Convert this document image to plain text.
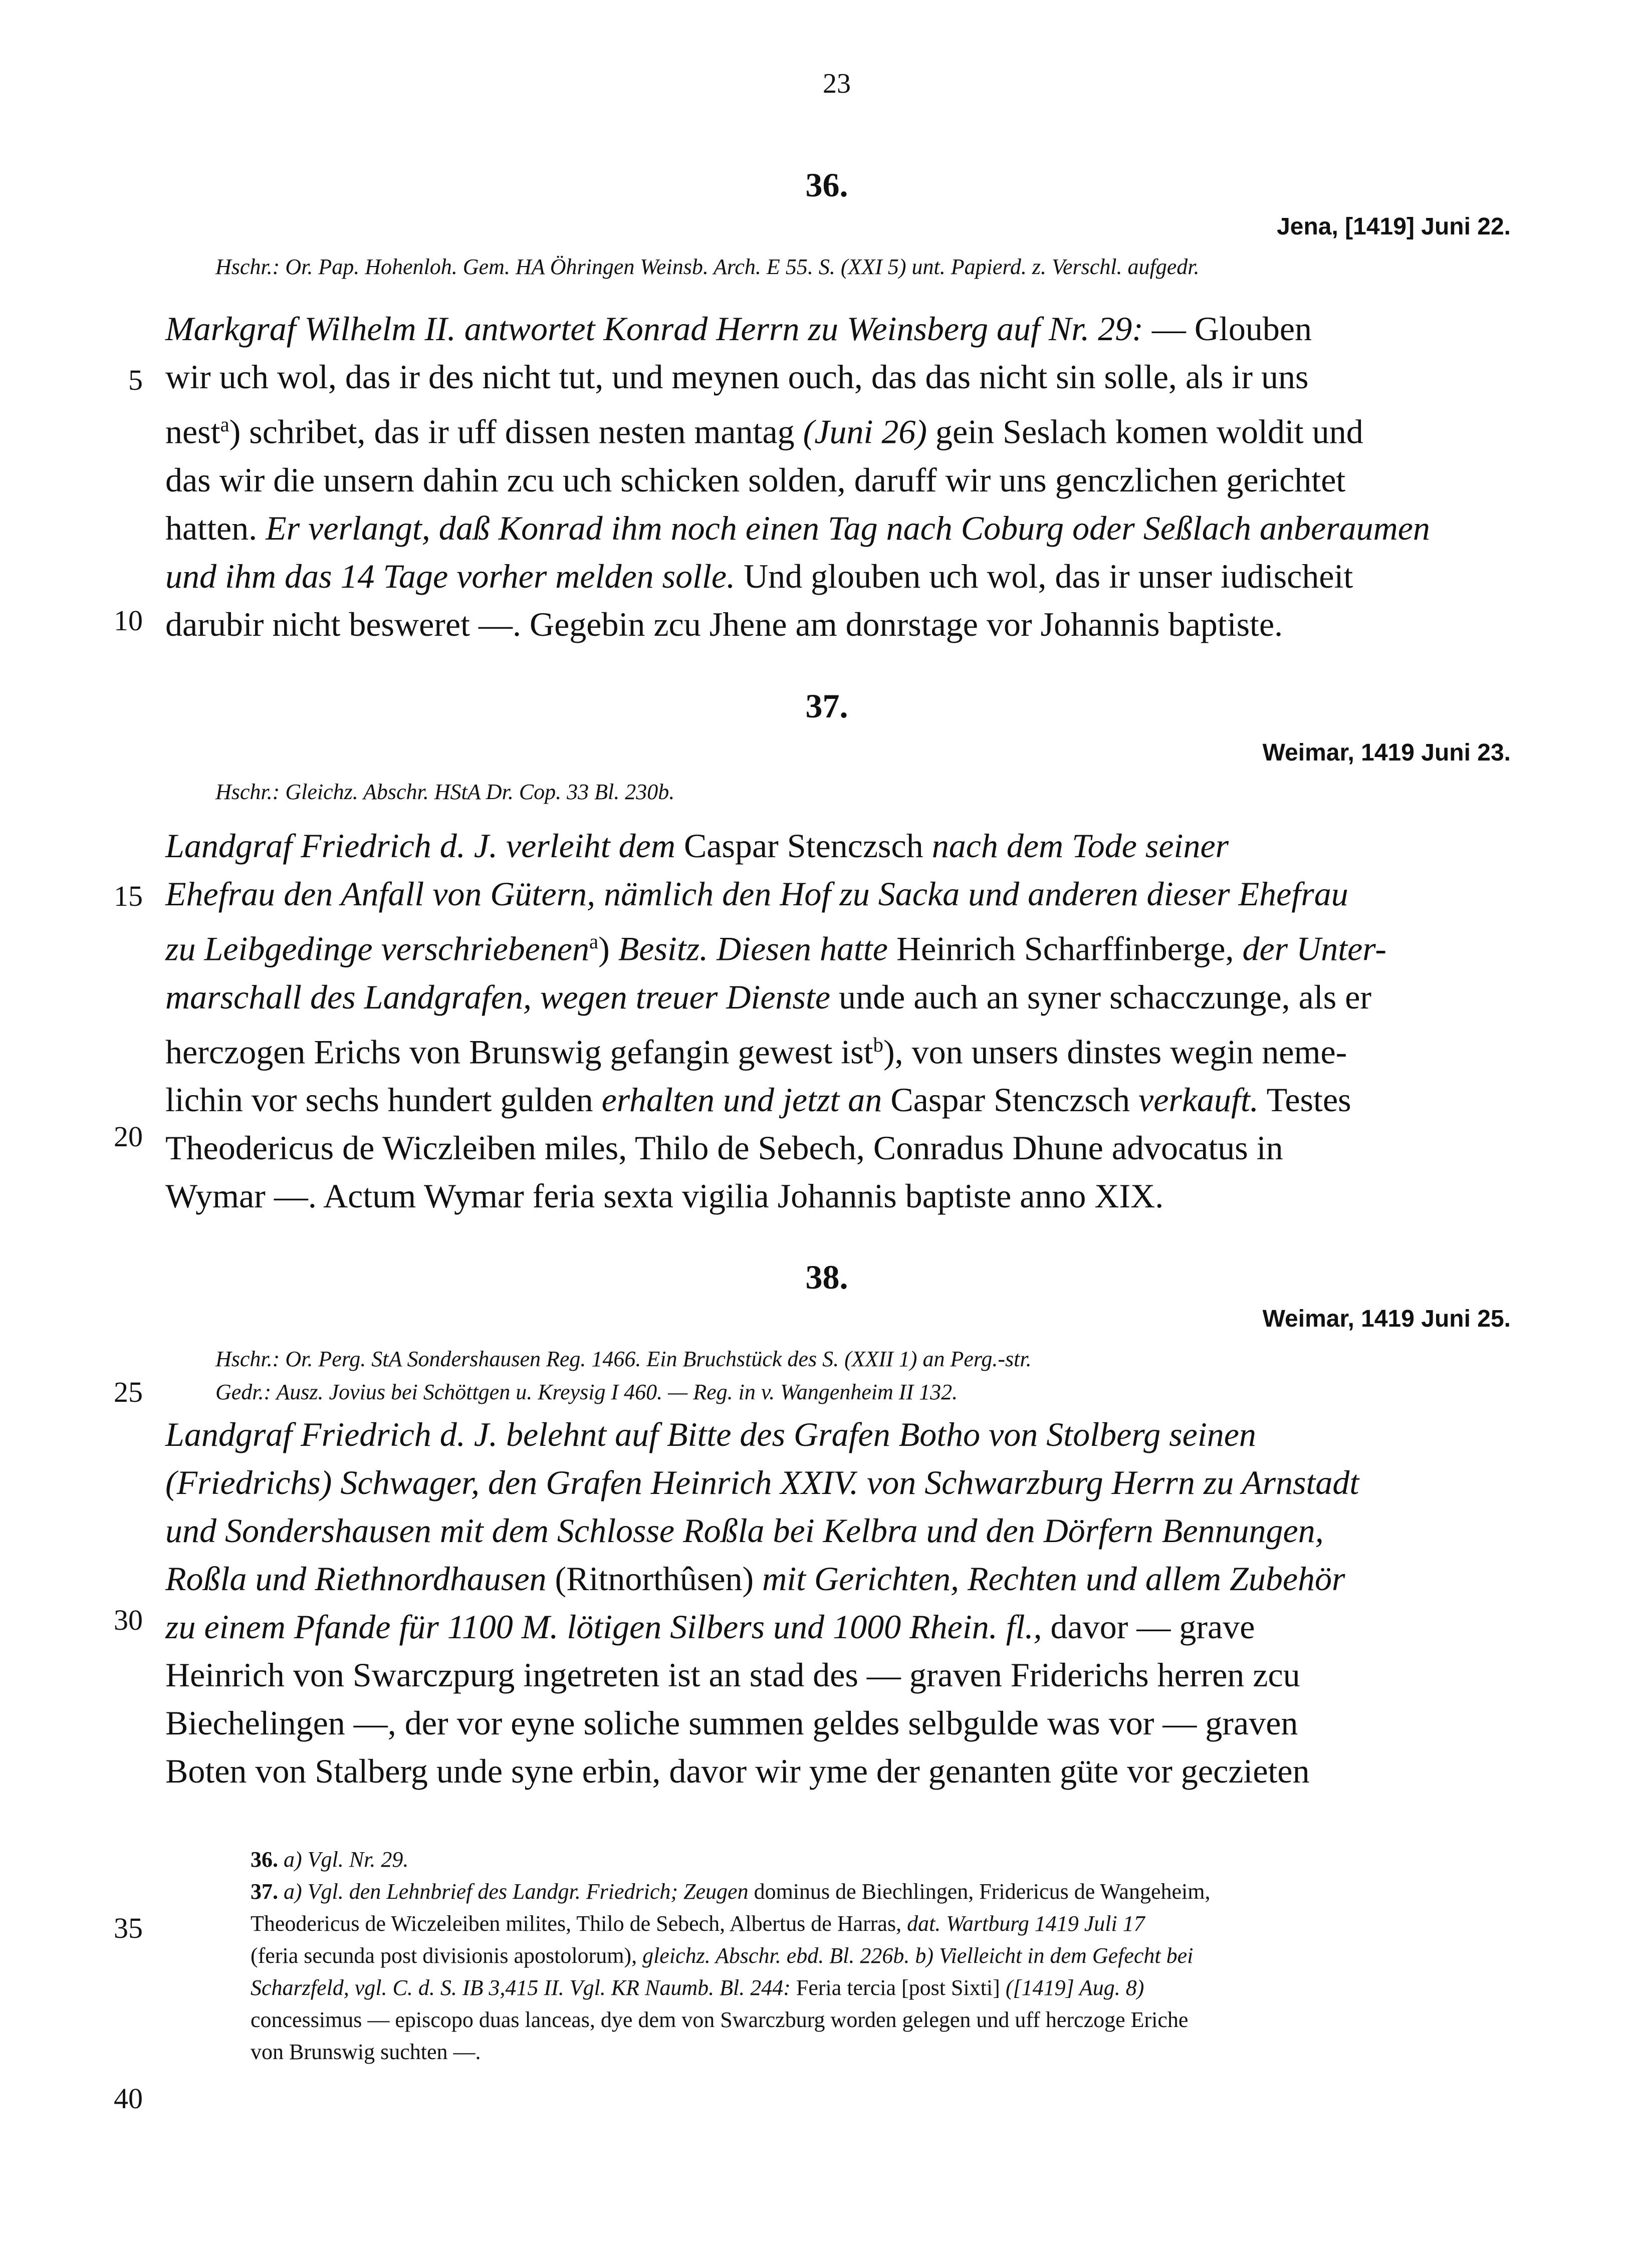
23
36.
Jena, [1419] Juni 22.
Hschr.: Or. Pap. Hohenloh. Gem. HA Öhringen Weinsb. Arch. E 55. S. (XXI 5) unt. Papierd. z. Verschl. aufgedr.
Markgraf Wilhelm II. antwortet Konrad Herrn zu Weinsberg auf Nr. 29: — Glouben
wir uch wol, das ir des nicht tut, und meynen ouch, das das nicht sin solle, als ir uns
nest$^a$) schribet, das ir uff dissen nesten mantag (Juni 26) gein Seslach komen woldit und
das wir die unsern dahin zcu uch schicken solden, daruff wir uns genczlichen gerichtet
hatten. Er verlangt, daß Konrad ihm noch einen Tag nach Coburg oder Seßlach anberaumen
und ihm das 14 Tage vorher melden solle. Und glouben uch wol, das ir unser iudischeit
darubir nicht besweret —. Gegebin zcu Jhene am donrstage vor Johannis baptiste.
37.
Weimar, 1419 Juni 23.
Hschr.: Gleichz. Abschr. HStA Dr. Cop. 33 Bl. 230b.
Landgraf Friedrich d. J. verleiht dem Caspar Stenczsch nach dem Tode seiner
Ehefrau den Anfall von Gütern, nämlich den Hof zu Sacka und anderen dieser Ehefrau
zu Leibgedinge verschriebenen$^a$) Besitz. Diesen hatte Heinrich Scharffinberge, der Unter-
marschall des Landgrafen, wegen treuer Dienste unde auch an syner schacczunge, als er
herczogen Erichs von Brunswig gefangin gewest ist$^b$), von unsers dinstes wegin neme-
lichin vor sechs hundert gulden erhalten und jetzt an Caspar Stenczsch verkauft. Testes
Theodericus de Wiczleiben miles, Thilo de Sebech, Conradus Dhune advocatus in
Wymar —. Actum Wymar feria sexta vigilia Johannis baptiste anno XIX.
38.
Weimar, 1419 Juni 25.
Hschr.: Or. Perg. StA Sondershausen Reg. 1466. Ein Bruchstück des S. (XXII 1) an Perg.-str.
Gedr.: Ausz. Jovius bei Schöttgen u. Kreysig I 460. — Reg. in v. Wangenheim II 132.
Landgraf Friedrich d. J. belehnt auf Bitte des Grafen Botho von Stolberg seinen
(Friedrichs) Schwager, den Grafen Heinrich XXIV. von Schwarzburg Herrn zu Arnstadt
und Sondershausen mit dem Schlosse Roßla bei Kelbra und den Dörfern Bennungen,
Roßla und Riethnordhausen (Ritnorthûsen) mit Gerichten, Rechten und allem Zubehör
zu einem Pfande für 1100 M. lötigen Silbers und 1000 Rhein. fl., davor — grave
Heinrich von Swarczpurg ingetreten ist an stad des — graven Friderichs herren zcu
Biechelingen —, der vor eyne soliche summen geldes selbgulde was vor — graven
Boten von Stalberg unde syne erbin, davor wir yme der genanten güte vor geczieten
5
10
15
20
25
30
35
40
36. a) Vgl. Nr. 29.
37. a) Vgl. den Lehnbrief des Landgr. Friedrich; Zeugen dominus de Biechlingen, Fridericus de Wangeheim,
Theodericus de Wiczeleiben milites, Thilo de Sebech, Albertus de Harras, dat. Wartburg 1419 Juli 17
(feria secunda post divisionis apostolorum), gleichz. Abschr. ebd. Bl. 226b. b) Vielleicht in dem Gefecht bei
Scharzfeld, vgl. C. d. S. IB 3,415 II. Vgl. KR Naumb. Bl. 244: Feria tercia [post Sixti] ([1419] Aug. 8)
concessimus — episcopo duas lanceas, dye dem von Swarczburg worden gelegen und uff herczoge Eriche
von Brunswig suchten —.
